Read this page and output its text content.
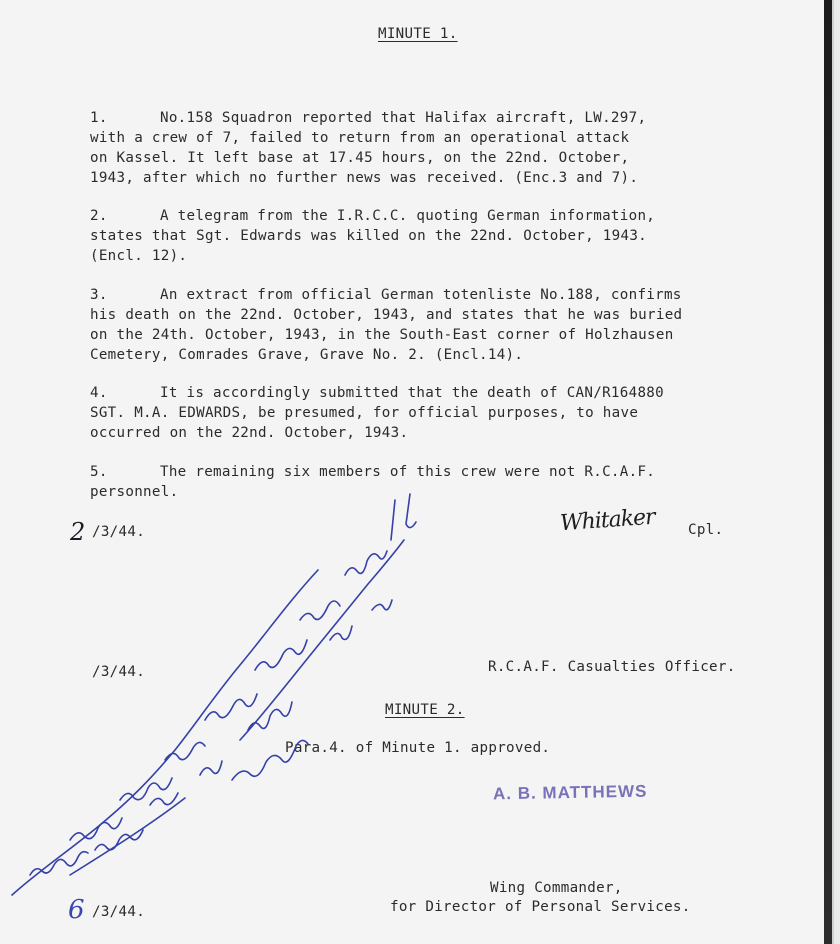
MINUTE 1.
1.	No.158 Squadron reported that Halifax aircraft, LW.297,
with a crew of 7, failed to return from an operational attack
on Kassel. It left base at 17.45 hours, on the 22nd. October,
1943, after which no further news was received. (Enc.3 and 7).
2.	A telegram from the I.R.C.C. quoting German information,
states that Sgt. Edwards was killed on the 22nd. October, 1943.
(Encl. 12).
3.	An extract from official German totenliste No.188, confirms
his death on the 22nd. October, 1943, and states that he was buried
on the 24th. October, 1943, in the South-East corner of Holzhausen
Cemetery, Comrades Grave, Grave No. 2. (Encl.14).
4.	It is accordingly submitted that the death of CAN/R164880
SGT. M.A. EDWARDS, be presumed, for official purposes, to have
occurred on the 22nd. October, 1943.
5.	The remaining six members of this crew were not R.C.A.F.
personnel.
2 /3/44.	Whitaker Cpl.
/3/44.	R.C.A.F. Casualties Officer.
MINUTE 2.
Para.4. of Minute 1. approved.
A. B. MATTHEWS
6 /3/44.
Wing Commander,
for Director of Personal Services.
